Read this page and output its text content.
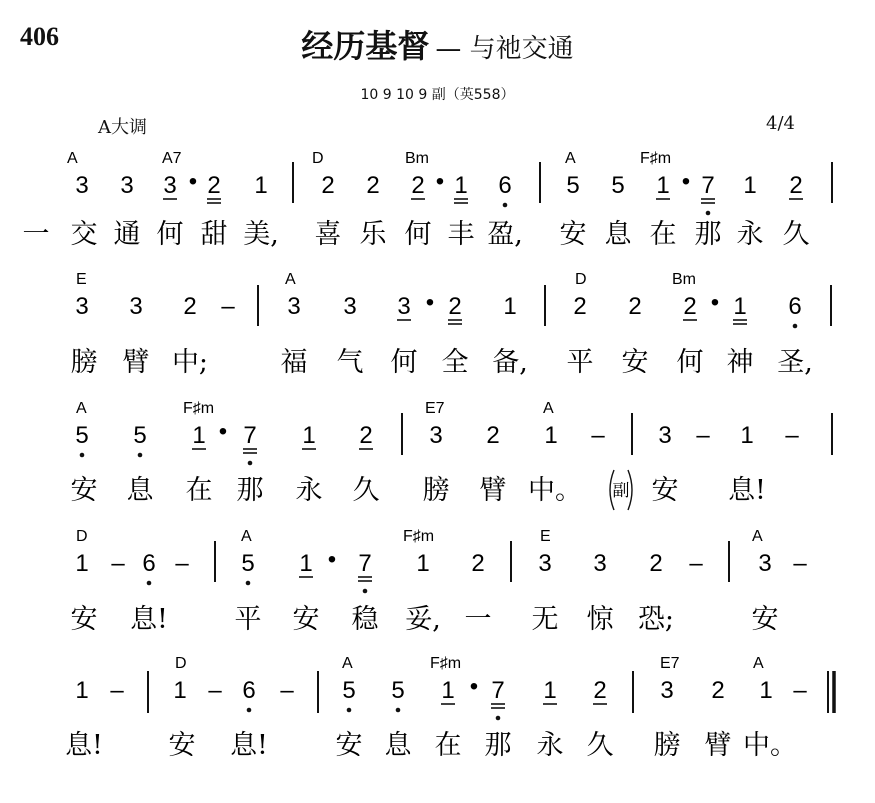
406	经历基督 — 与祂交通
10 9 10 9 副（英558）
A大调	4/4
A	A7	D	Bm	A	F♯m
3 3 3 • 2 1 2 2 2 • 1 6 5 5 1 • 7 1 2
一 交 通 何 甜 美, 喜 乐 何 丰 盈, 安 息 在 那 永 久
E	A	D	Bm
3 3 2 – 3 3 3 • 2 1 2 2 2 • 1 6
膀 臂 中;	福 气 何 全 备, 平 安 何 神 圣,
A	F♯m	E7	A
5 5 1 • 7 1 2 3 2 1 – 3 – 1 –
安 息 在 那 永 久 膀 臂 中。	安 息!
D	A	F♯m	E	A
1 – 6 – 5 1 • 7 1 2 3 3 2 – 3 –
安 息! 平 安 稳 妥, 一 无 惊 恐;	安
D	A	F♯m	E7	A
1 – 1 – 6 – 5 5 1 • 7 1 2 3 2 1 –
息! 安 息!	安 息 在 那 永 久 膀 臂 中。
副
